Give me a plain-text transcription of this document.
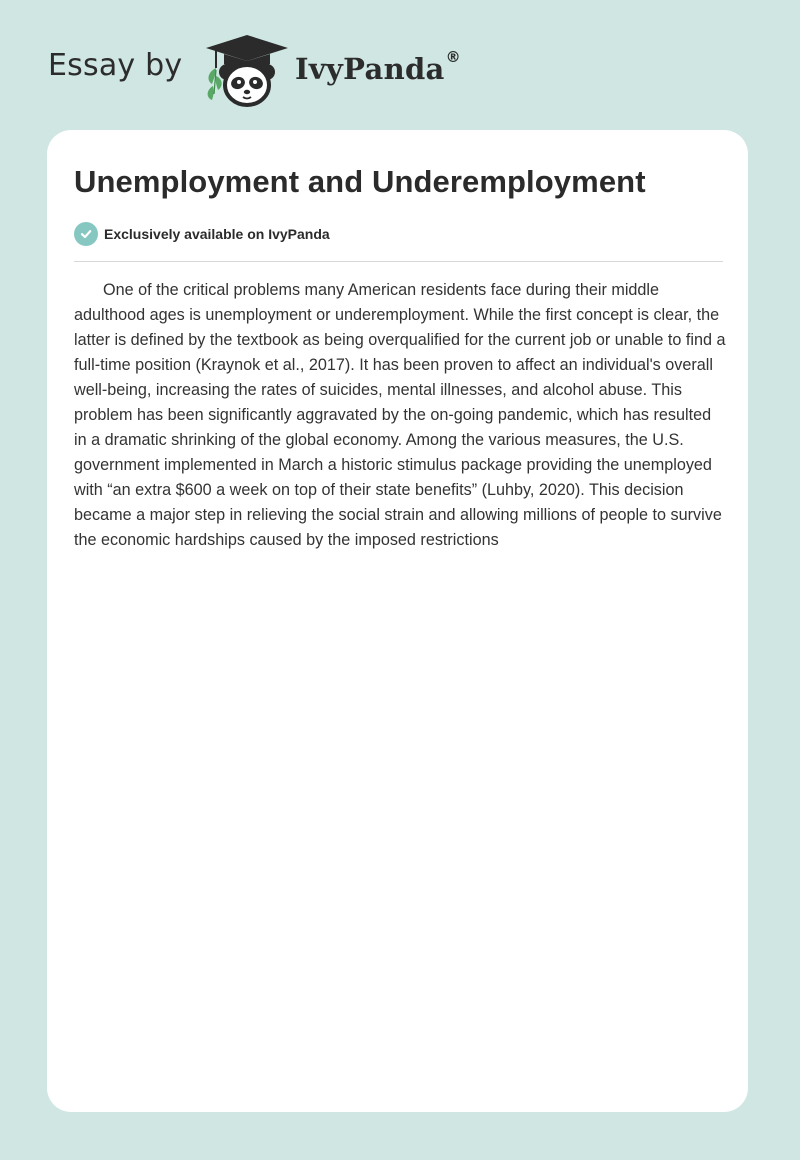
Essay by	IvyPanda®
Unemployment and Underemployment
Exclusively available on IvyPanda

One of the critical problems many American residents face during their middle adulthood ages is unemployment or underemployment. While the first concept is clear, the latter is defined by the textbook as being overqualified for the current job or unable to find a full-time position (Kraynok et al., 2017). It has been proven to affect an individual's overall well-being, increasing the rates of suicides, mental illnesses, and alcohol abuse. This problem has been significantly aggravated by the on-going pandemic, which has resulted in a dramatic shrinking of the global economy. Among the various measures, the U.S. government implemented in March a historic stimulus package providing the unemployed with “an extra $600 a week on top of their state benefits” (Luhby, 2020). This decision became a major step in relieving the social strain and allowing millions of people to survive the economic hardships caused by the imposed restrictions
